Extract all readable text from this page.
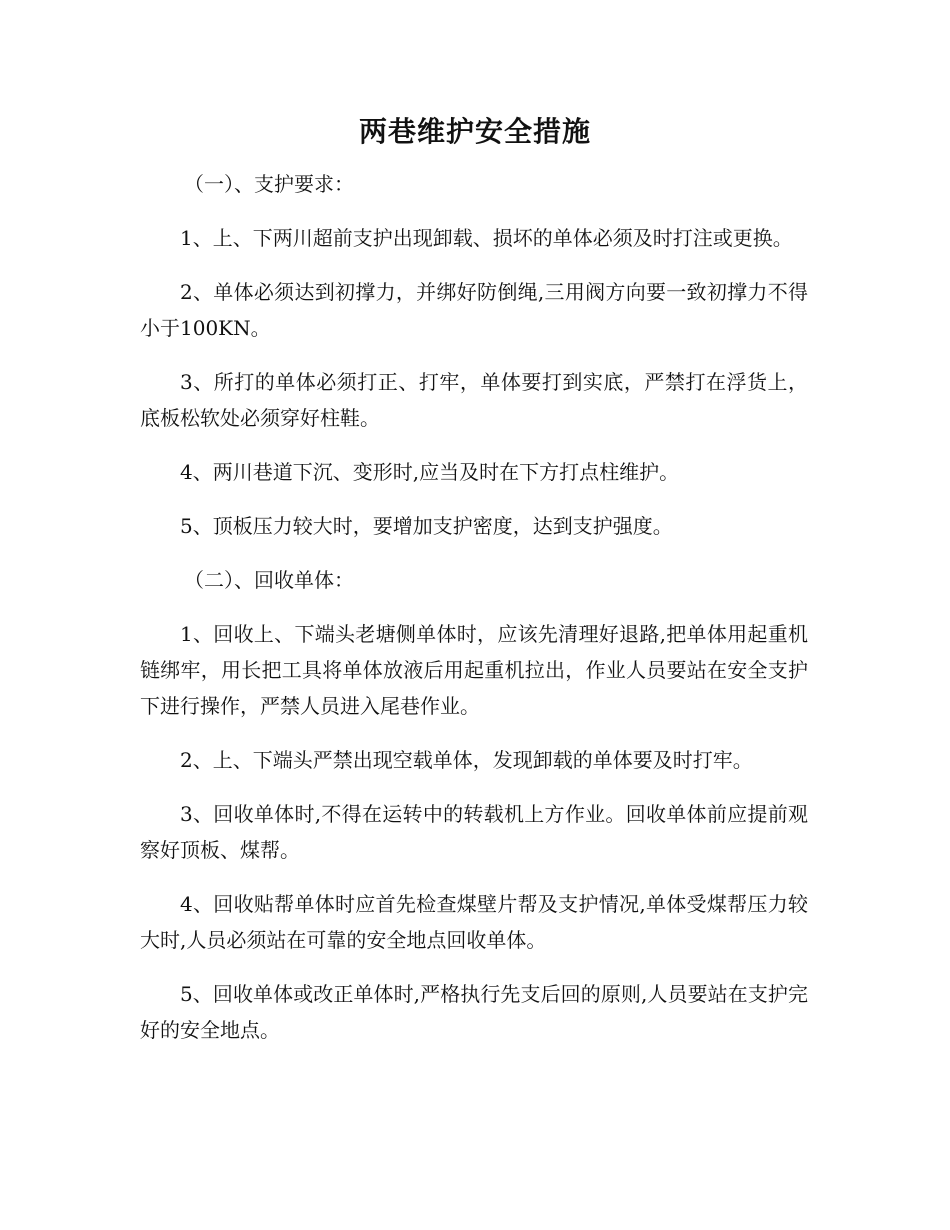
两巷维护安全措施

（一）、支护要求：

1、上、下两川超前支护出现卸载、损坏的单体必须及时打注或更换。

2、单体必须达到初撑力，并绑好防倒绳,三用阀方向要一致初撑力不得小于100KN。

3、所打的单体必须打正、打牢，单体要打到实底，严禁打在浮货上，底板松软处必须穿好柱鞋。

4、两川巷道下沉、变形时,应当及时在下方打点柱维护。

5、顶板压力较大时，要增加支护密度，达到支护强度。

（二）、回收单体：

1、回收上、下端头老塘侧单体时，应该先清理好退路,把单体用起重机链绑牢，用长把工具将单体放液后用起重机拉出，作业人员要站在安全支护下进行操作，严禁人员进入尾巷作业。

2、上、下端头严禁出现空载单体，发现卸载的单体要及时打牢。

3、回收单体时,不得在运转中的转载机上方作业。回收单体前应提前观察好顶板、煤帮。

4、回收贴帮单体时应首先检查煤壁片帮及支护情况,单体受煤帮压力较大时,人员必须站在可靠的安全地点回收单体。

5、回收单体或改正单体时,严格执行先支后回的原则,人员要站在支护完好的安全地点。
